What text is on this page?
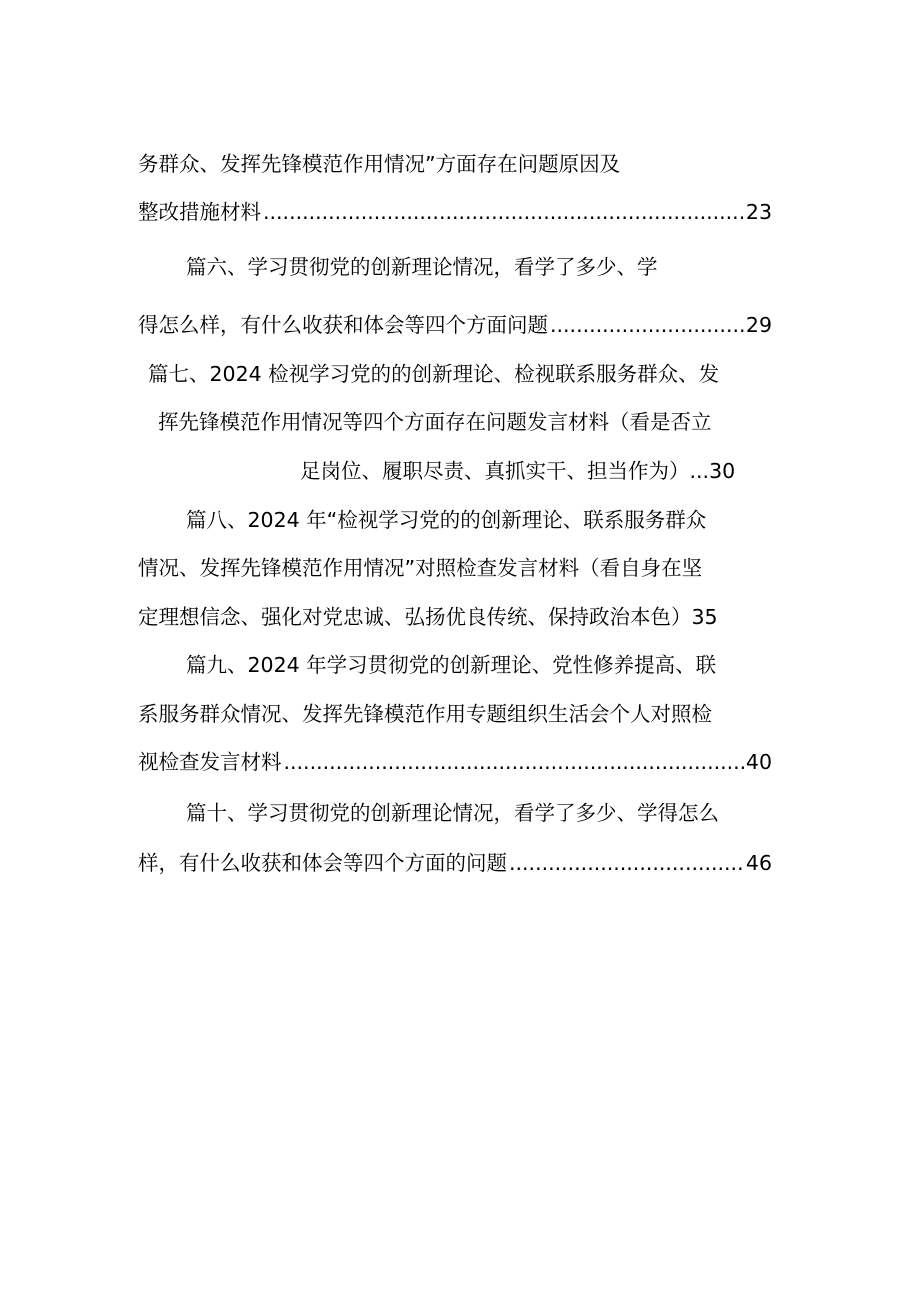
务群众、发挥先锋模范作用情况”方面存在问题原因及
整改措施材料 .....	23
篇六、学习贯彻党的创新理论情况，看学了多少、学
得怎么样，有什么收获和体会等四个方面问题 .....	29
篇七、2024 检视学习党的的创新理论、检视联系服务群众、发
挥先锋模范作用情况等四个方面存在问题发言材料（看是否立
足岗位、履职尽责、真抓实干、担当作为） ... 30
篇八、2024 年“检视学习党的的创新理论、联系服务群众
情况、发挥先锋模范作用情况”对照检查发言材料（看自身在坚
定理想信念、强化对党忠诚、弘扬优良传统、保持政治本色） 35
篇九、2024 年学习贯彻党的创新理论、党性修养提高、联
系服务群众情况、发挥先锋模范作用专题组织生活会个人对照检
视检查发言材料 .....	40
篇十、学习贯彻党的创新理论情况，看学了多少、学得怎么
样，有什么收获和体会等四个方面的问题 .....	46
